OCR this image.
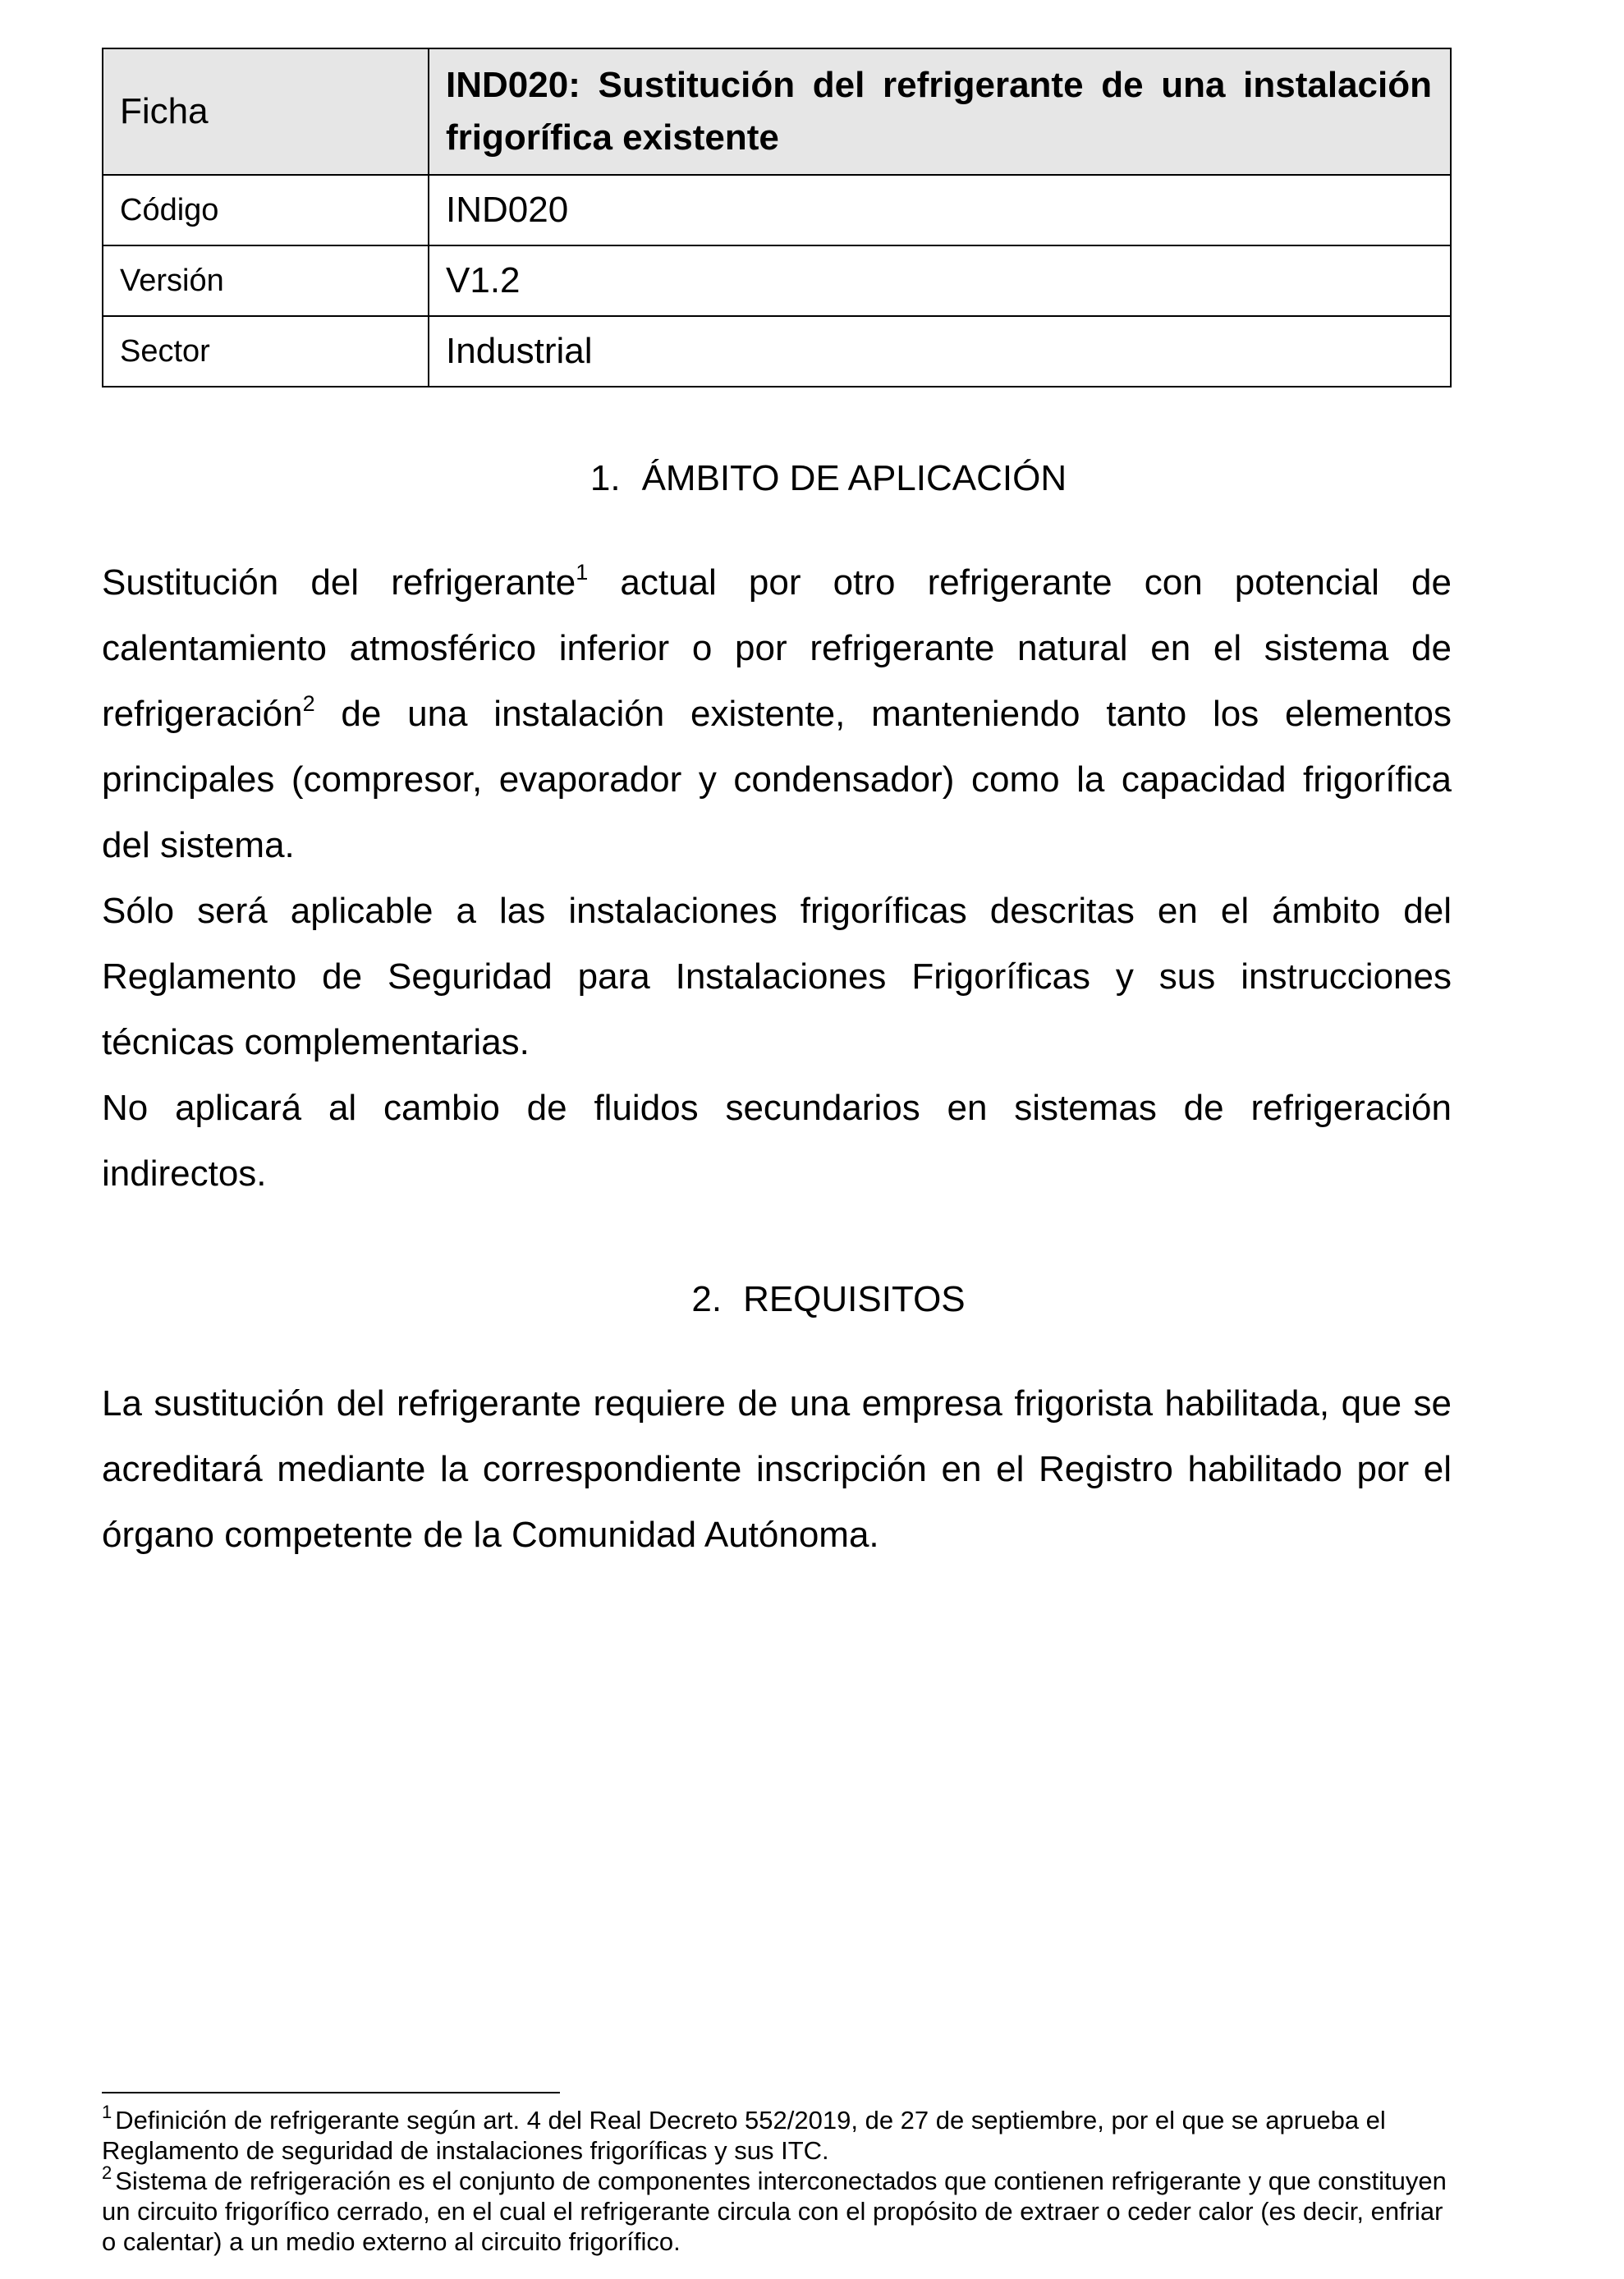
Ficha	IND020: Sustitución del refrigerante de una instalación frigorífica existente
Código	IND020
Versión	V1.2
Sector	Industrial
1. ÁMBITO DE APLICACIÓN

Sustitución del refrigerante$^1$ actual por otro refrigerante con potencial de calentamiento atmosférico inferior o por refrigerante natural en el sistema de refrigeración$^2$ de una instalación existente, manteniendo tanto los elementos principales (compresor, evaporador y condensador) como la capacidad frigorífica del sistema.

Sólo será aplicable a las instalaciones frigoríficas descritas en el ámbito del Reglamento de Seguridad para Instalaciones Frigoríficas y sus instrucciones técnicas complementarias.

No aplicará al cambio de fluidos secundarios en sistemas de refrigeración indirectos.

2. REQUISITOS

La sustitución del refrigerante requiere de una empresa frigorista habilitada, que se acreditará mediante la correspondiente inscripción en el Registro habilitado por el órgano competente de la Comunidad Autónoma.

$^1$ Definición de refrigerante según art. 4 del Real Decreto 552/2019, de 27 de septiembre, por el que se aprueba el Reglamento de seguridad de instalaciones frigoríficas y sus ITC.

$^2$ Sistema de refrigeración es el conjunto de componentes interconectados que contienen refrigerante y que constituyen un circuito frigorífico cerrado, en el cual el refrigerante circula con el propósito de extraer o ceder calor (es decir, enfriar o calentar) a un medio externo al circuito frigorífico.
